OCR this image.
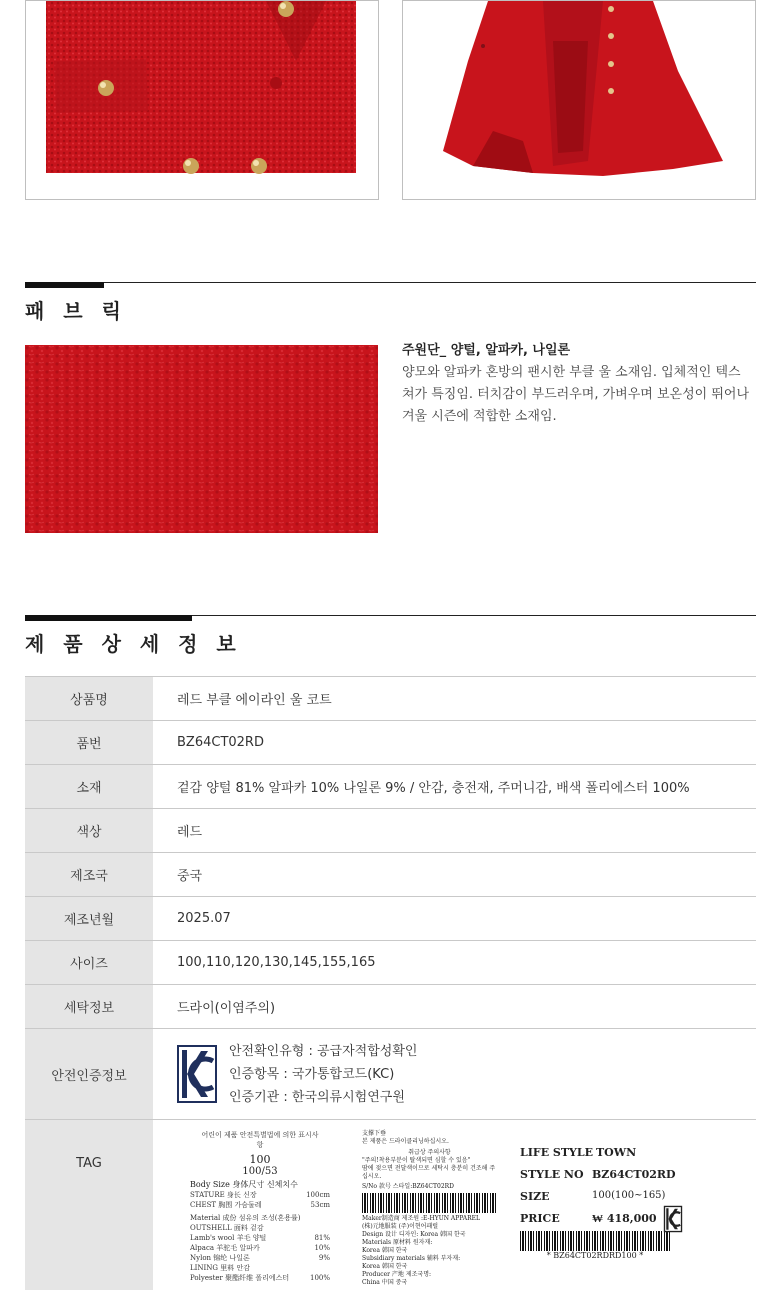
패 브 릭
주원단_ 양털, 알파카, 나일론
양모와 알파카 혼방의 팬시한 부클 울 소재임. 입체적인 텍스쳐가 특징임. 터치감이 부드러우며, 가벼우며 보온성이 뛰어나 겨울 시즌에 적합한 소재임.
제 품 상 세 정 보
상품명	레드 부클 에이라인 울 코트
품번	BZ64CT02RD
소재	겉감 양털 81% 알파카 10% 나일론 9% / 안감, 충전재, 주머니감, 배색 폴리에스터 100%
색상	레드
제조국	중국
제조년월	2025.07
사이즈	100,110,120,130,145,155,165
세탁정보	드라이(이염주의)
안전인증정보	안전확인유형 : 공급자적합성확인
인증항목 : 국가통합코드(KC)
인증기관 : 한국의류시험연구원

TAG	
어린이 제품 안전특별법에 의한 표시사항
100
100/53
Body Size 身体尺寸 신체치수
STATURE 身长 신장	100cm
CHEST 胸围 가슴둘레	53cm
Material 成份 섬유의 조성(혼용률)
OUTSHELL 面料 겉감
Lamb's wool 羊毛 양털	81%
Alpaca 羊驼毛 알파카	10%
Nylon 锦纶 나일론	9%
LINING 里料 안감
Polyester 聚酯纤维 폴리에스터	100%
支撑下垂
본 제품은 드라이클리닝하십시오.
취급상 주의사항
"주의!착용부분이 탈색되면 심할 수 있음"
땀에 젖으면 전달색이므로 세탁시 충분히 건조해 주십시오.
S/No 款号 스타일:BZ64CT02RD
Maker制造商 제조원 :E-HYUN APPAREL
(株)元地服装 (주)이현어패럴
Design 设计 디자인: Korea 韩国 한국
Materials 原材料 원자재:
Korea 韩国 한국
Subsidiary materials 辅料 부자재:
Korea 韩国 한국
Producer 产地 제조국명:
China 中国 중국
LIFE STYLE TOWN
STYLE NO BZ64CT02RD
SIZE	100(100~165)
PRICE	₩ 418,000
* BZ64CT02RDRD100 *
